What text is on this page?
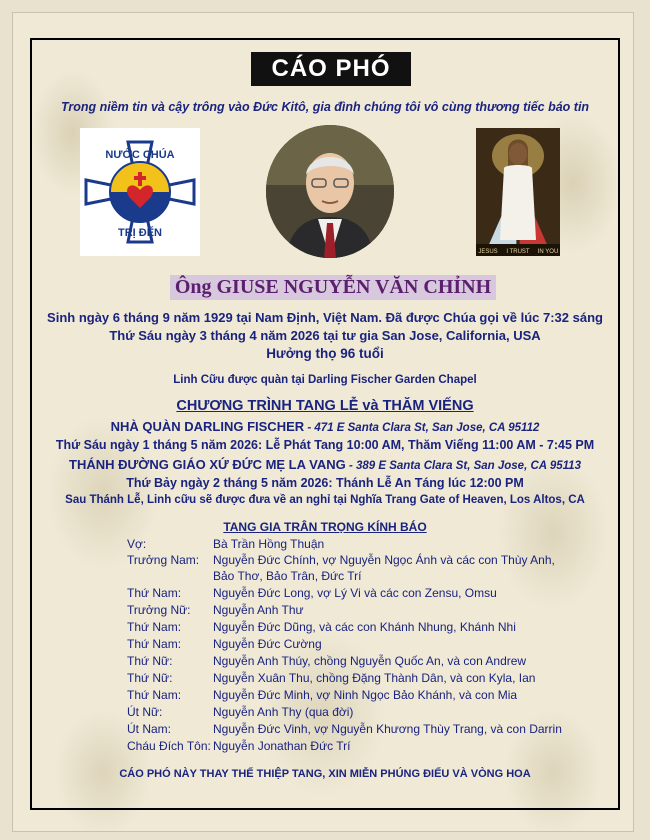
CÁO PHÓ
Trong niềm tin và cậy trông vào Đức Kitô, gia đình chúng tôi vô cùng thương tiếc báo tin
NƯỚC CHÚA
TRỊ ĐẾN
JESUS I TRUST IN YOU
Ông GIUSE NGUYỄN VĂN CHỈNH
Sinh ngày 6 tháng 9 năm 1929 tại Nam Định, Việt Nam. Đã được Chúa gọi về lúc 7:32 sáng
Thứ Sáu ngày 3 tháng 4 năm 2026 tại tư gia San Jose, California, USA
Hưởng thọ 96 tuổi
Linh Cữu được quàn tại Darling Fischer Garden Chapel
CHƯƠNG TRÌNH TANG LỄ và THĂM VIẾNG
NHÀ QUÀN DARLING FISCHER - 471 E Santa Clara St, San Jose, CA 95112
Thứ Sáu ngày 1 tháng 5 năm 2026: Lễ Phát Tang 10:00 AM, Thăm Viếng 11:00 AM - 7:45 PM
THÁNH ĐƯỜNG GIÁO XỨ ĐỨC MẸ LA VANG - 389 E Santa Clara St, San Jose, CA 95113
Thứ Bảy ngày 2 tháng 5 năm 2026: Thánh Lễ An Táng lúc 12:00 PM
Sau Thánh Lễ, Linh cữu sẽ được đưa về an nghỉ tại Nghĩa Trang Gate of Heaven, Los Altos, CA
TANG GIA TRÂN TRỌNG KÍNH BÁO
Vợ:	Bà Trần Hồng Thuận
Trưởng Nam: Nguyễn Đức Chính, vợ Nguyễn Ngọc Ánh và các con Thùy Anh,
Bảo Thơ, Bảo Trân, Đức Trí
Thứ Nam:	Nguyễn Đức Long, vợ Lý Vi và các con Zensu, Omsu
Trưởng Nữ: Nguyễn Anh Thư
Thứ Nam:	Nguyễn Đức Dũng, và các con Khánh Nhung, Khánh Nhi
Thứ Nam:	Nguyễn Đức Cường
Thứ Nữ:	Nguyễn Anh Thúy, chồng Nguyễn Quốc An, và con Andrew
Thứ Nữ:	Nguyễn Xuân Thu, chồng Đặng Thành Dân, và con Kyla, Ian
Thứ Nam:	Nguyễn Đức Minh, vợ Ninh Ngọc Bảo Khánh, và con Mia
Út Nữ:	Nguyễn Anh Thy (qua đời)
Út Nam:	Nguyễn Đức Vinh, vợ Nguyễn Khương Thùy Trang, và con Darrin
Cháu Đích Tôn: Nguyễn Jonathan Đức Trí
CÁO PHÓ NÀY THAY THẾ THIỆP TANG, XIN MIỄN PHÚNG ĐIẾU VÀ VÒNG HOA
